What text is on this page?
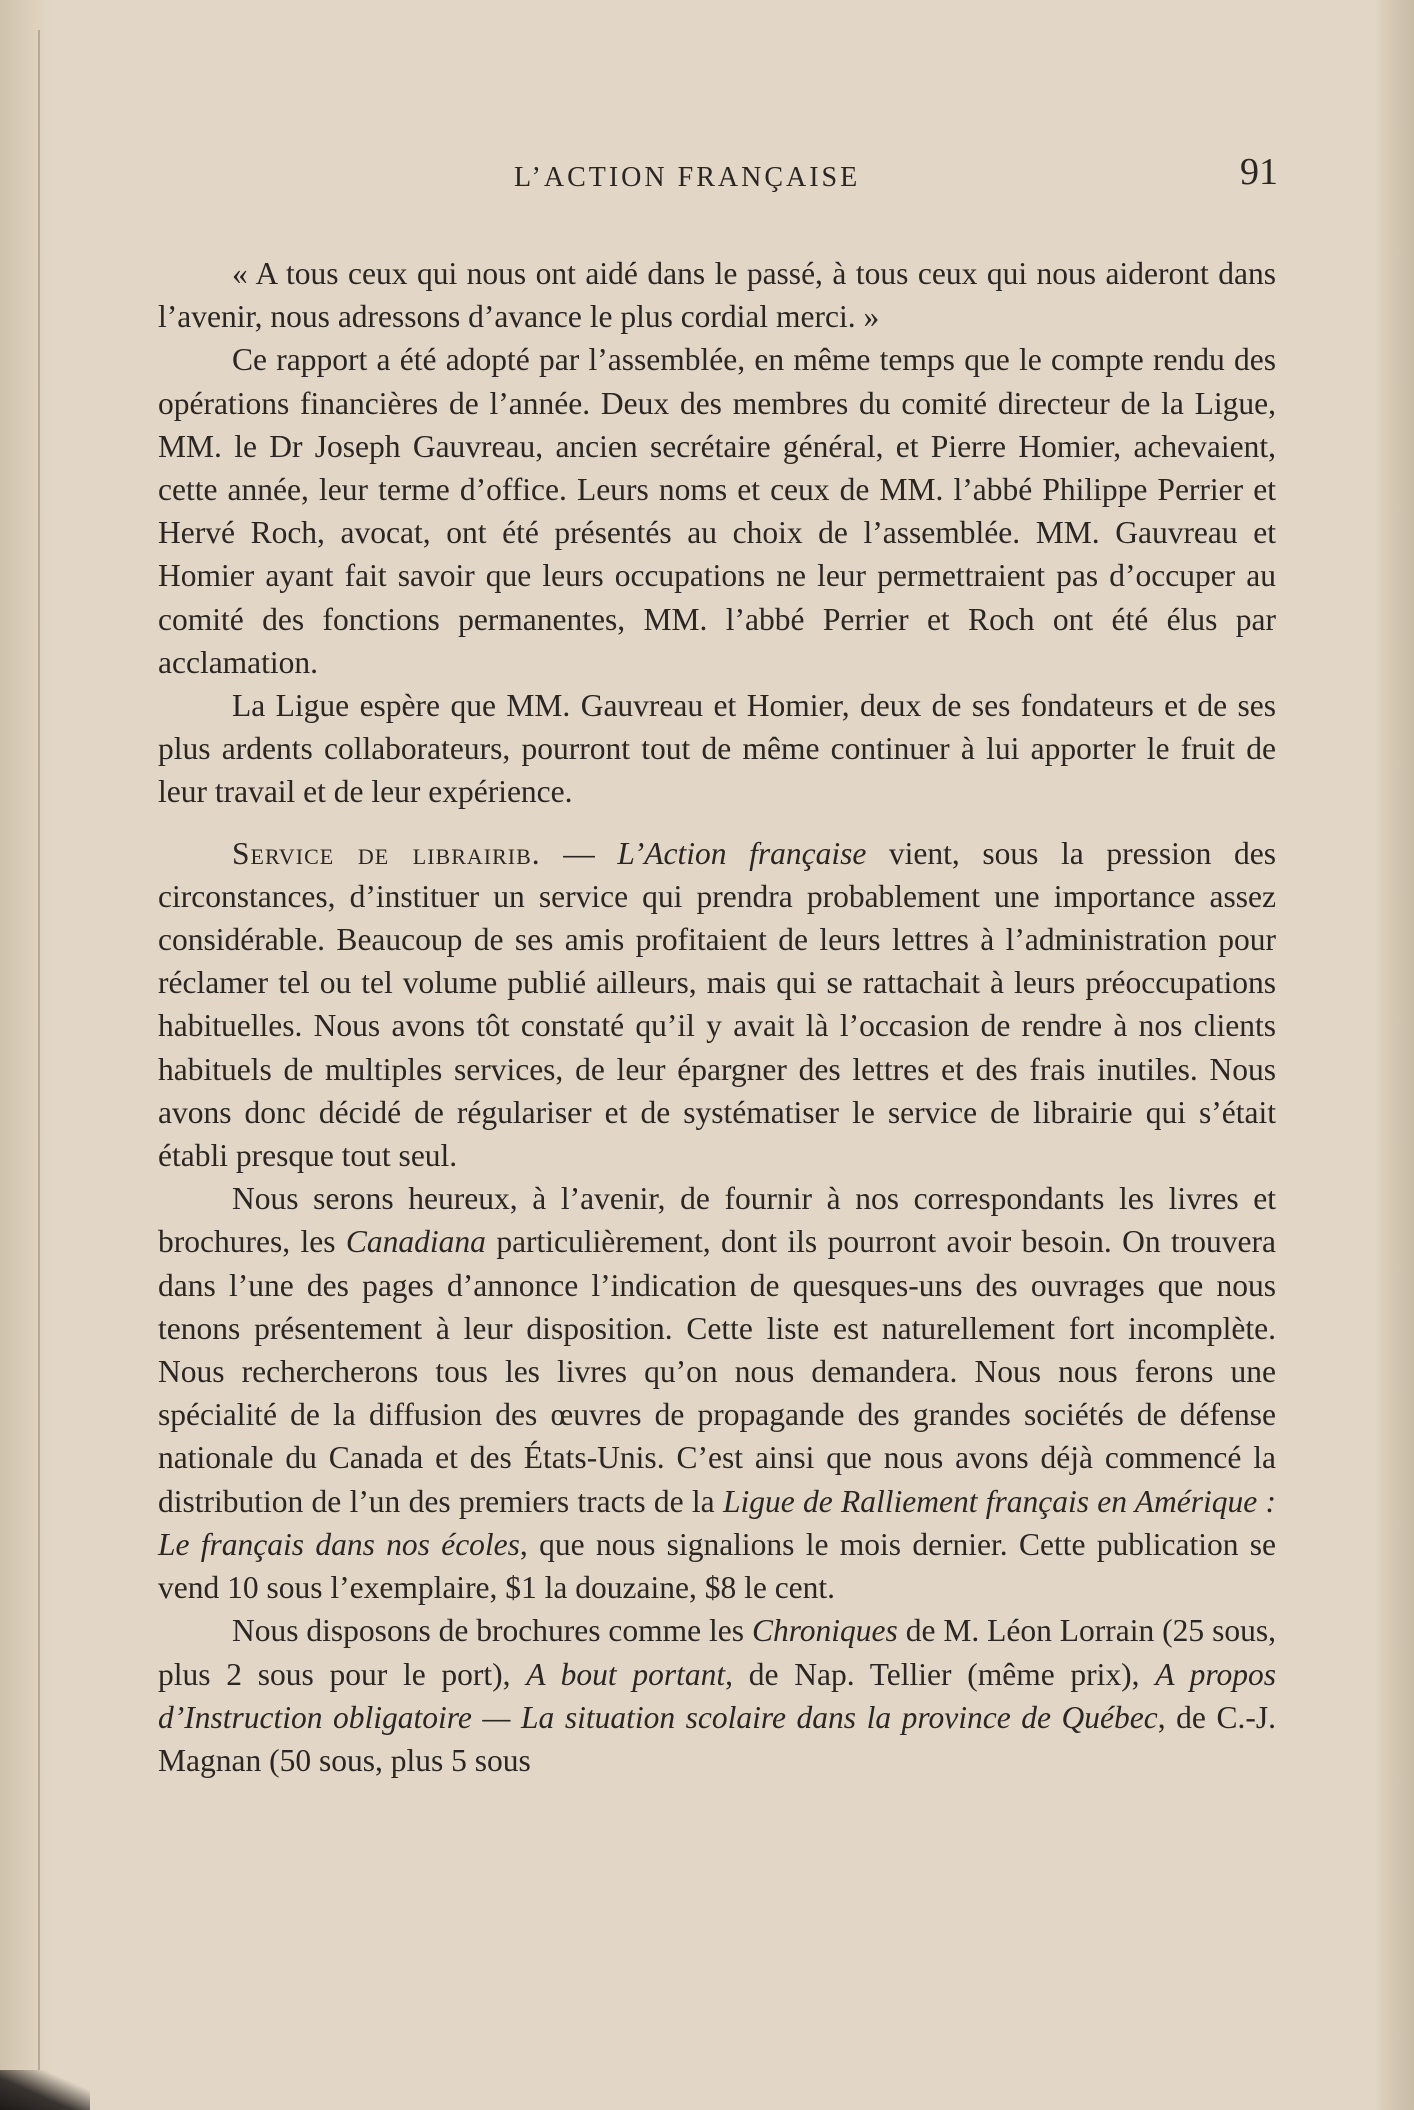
L’ACTION FRANÇAISE	91

« A tous ceux qui nous ont aidé dans le passé, à tous ceux qui nous aideront dans l’avenir, nous adressons d’avance le plus cordial merci. »

Ce rapport a été adopté par l’assemblée, en même temps que le compte rendu des opérations financières de l’année. Deux des membres du comité directeur de la Ligue, MM. le Dr Joseph Gauvreau, ancien secrétaire général, et Pierre Homier, achevaient, cette année, leur terme d’office. Leurs noms et ceux de MM. l’abbé Philippe Perrier et Hervé Roch, avocat, ont été présentés au choix de l’assemblée. MM. Gauvreau et Homier ayant fait savoir que leurs occupations ne leur permettraient pas d’occuper au comité des fonctions permanentes, MM. l’abbé Perrier et Roch ont été élus par acclamation.

La Ligue espère que MM. Gauvreau et Homier, deux de ses fondateurs et de ses plus ardents collaborateurs, pourront tout de même continuer à lui apporter le fruit de leur travail et de leur expérience.

Service de librairib. — L’Action française vient, sous la pression des circonstances, d’instituer un service qui prendra probablement une importance assez considérable. Beaucoup de ses amis profitaient de leurs lettres à l’administration pour réclamer tel ou tel volume publié ailleurs, mais qui se rattachait à leurs préoccupations habituelles. Nous avons tôt constaté qu’il y avait là l’occasion de rendre à nos clients habituels de multiples services, de leur épargner des lettres et des frais inutiles. Nous avons donc décidé de régulariser et de systématiser le service de librairie qui s’était établi presque tout seul.

Nous serons heureux, à l’avenir, de fournir à nos correspondants les livres et brochures, les Canadiana particulièrement, dont ils pourront avoir besoin. On trouvera dans l’une des pages d’annonce l’indication de quesques-uns des ouvrages que nous tenons présentement à leur disposition. Cette liste est naturellement fort incomplète. Nous rechercherons tous les livres qu’on nous demandera. Nous nous ferons une spécialité de la diffusion des œuvres de propagande des grandes sociétés de défense nationale du Canada et des États-Unis. C’est ainsi que nous avons déjà commencé la distribution de l’un des premiers tracts de la Ligue de Ralliement français en Amérique : Le français dans nos écoles, que nous signalions le mois dernier. Cette publication se vend 10 sous l’exemplaire, $1 la douzaine, $8 le cent.

Nous disposons de brochures comme les Chroniques de M. Léon Lorrain (25 sous, plus 2 sous pour le port), A bout portant, de Nap. Tellier (même prix), A propos d’Instruction obligatoire — La situation scolaire dans la province de Québec, de C.-J. Magnan (50 sous, plus 5 sous
